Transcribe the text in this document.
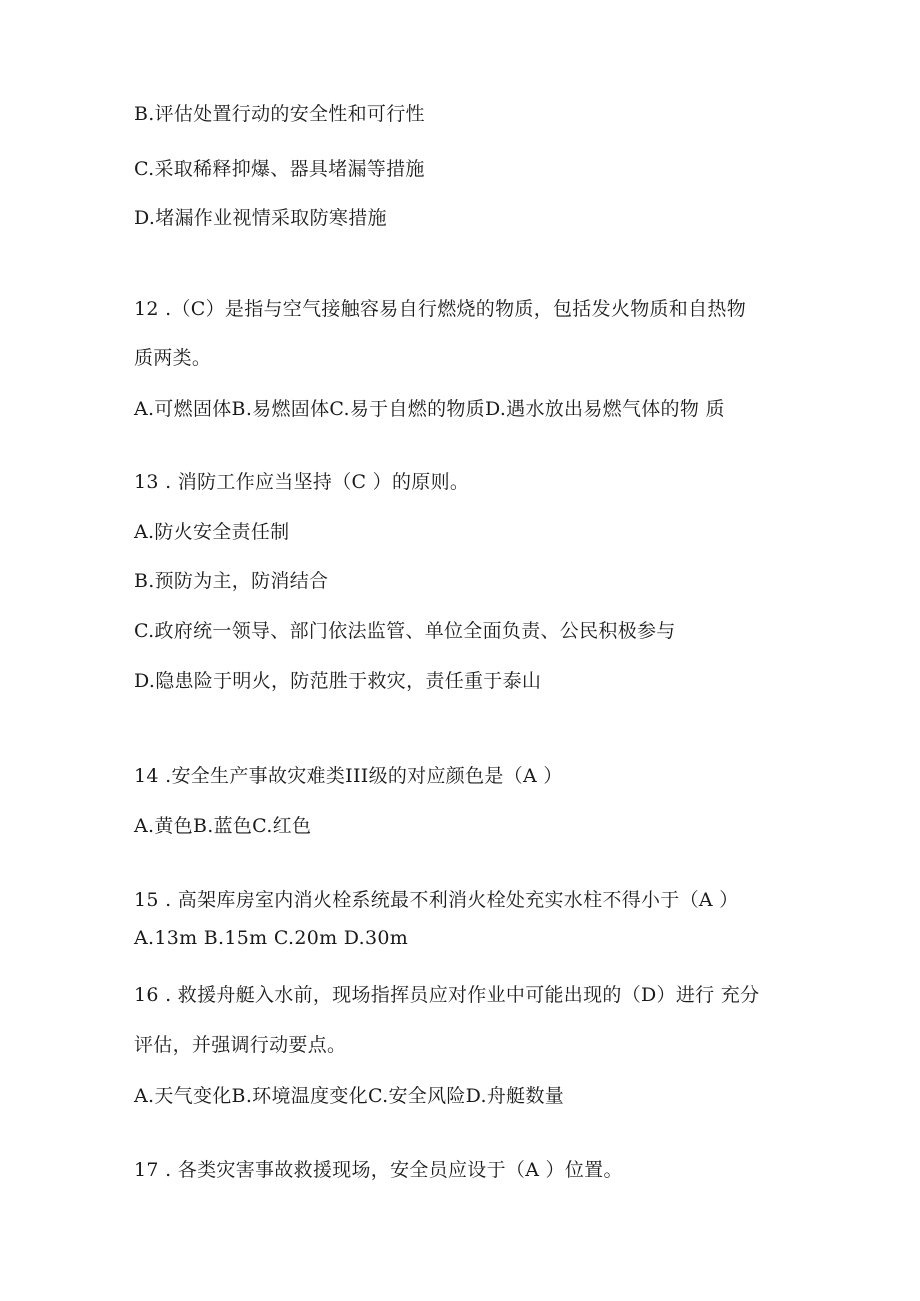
B.评估处置行动的安全性和可行性
C.采取稀释抑爆、器具堵漏等措施
D.堵漏作业视情采取防寒措施
12 .（C）是指与空气接触容易自行燃烧的物质，包括发火物质和自热物
质两类。
A.可燃固体B.易燃固体C.易于自燃的物质D.遇水放出易燃气体的物 质
13 . 消防工作应当坚持（C ）的原则。
A.防火安全责任制
B.预防为主，防消结合
C.政府统一领导、部门依法监管、单位全面负责、公民积极参与
D.隐患险于明火，防范胜于救灾，责任重于泰山
14 .安全生产事故灾难类III级的对应颜色是（A ）
A.黄色B.蓝色C.红色
15 . 高架库房室内消火栓系统最不利消火栓处充实水柱不得小于（A ）
A.13m B.15m C.20m D.30m
16 . 救援舟艇入水前，现场指挥员应对作业中可能出现的（D）进行 充分
评估，并强调行动要点。
A.天气变化B.环境温度变化C.安全风险D.舟艇数量
17 . 各类灾害事故救援现场，安全员应设于（A ）位置。
